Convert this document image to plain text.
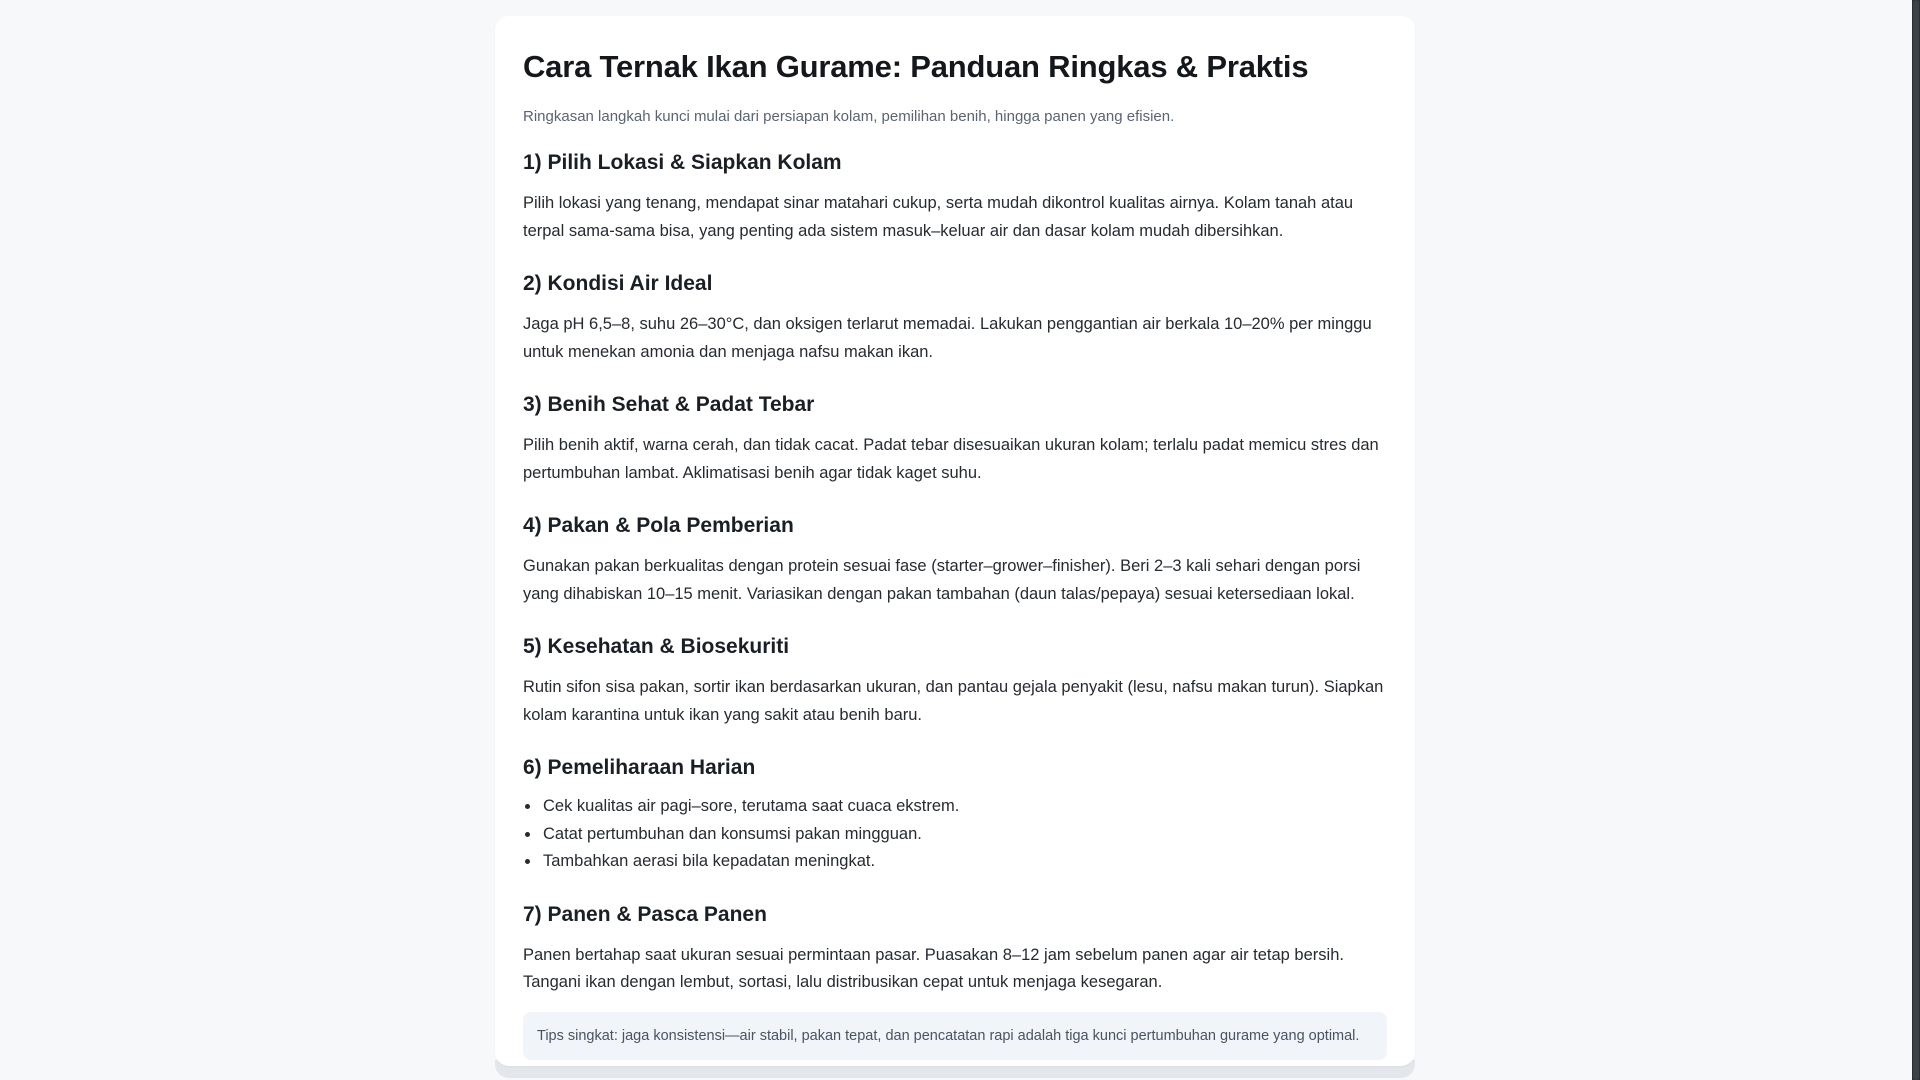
Cara Ternak Ikan Gurame: Panduan Ringkas & Praktis

Ringkasan langkah kunci mulai dari persiapan kolam, pemilihan benih, hingga panen yang efisien.

1) Pilih Lokasi & Siapkan Kolam

Pilih lokasi yang tenang, mendapat sinar matahari cukup, serta mudah dikontrol kualitas airnya. Kolam tanah atau terpal sama-sama bisa, yang penting ada sistem masuk–keluar air dan dasar kolam mudah dibersihkan.

2) Kondisi Air Ideal

Jaga pH 6,5–8, suhu 26–30°C, dan oksigen terlarut memadai. Lakukan penggantian air berkala 10–20% per minggu untuk menekan amonia dan menjaga nafsu makan ikan.

3) Benih Sehat & Padat Tebar

Pilih benih aktif, warna cerah, dan tidak cacat. Padat tebar disesuaikan ukuran kolam; terlalu padat memicu stres dan pertumbuhan lambat. Aklimatisasi benih agar tidak kaget suhu.

4) Pakan & Pola Pemberian

Gunakan pakan berkualitas dengan protein sesuai fase (starter–grower–finisher). Beri 2–3 kali sehari dengan porsi yang dihabiskan 10–15 menit. Variasikan dengan pakan tambahan (daun talas/pepaya) sesuai ketersediaan lokal.

5) Kesehatan & Biosekuriti

Rutin sifon sisa pakan, sortir ikan berdasarkan ukuran, dan pantau gejala penyakit (lesu, nafsu makan turun). Siapkan kolam karantina untuk ikan yang sakit atau benih baru.

6) Pemeliharaan Harian
• Cek kualitas air pagi–sore, terutama saat cuaca ekstrem.
• Catat pertumbuhan dan konsumsi pakan mingguan.
• Tambahkan aerasi bila kepadatan meningkat.
7) Panen & Pasca Panen

Panen bertahap saat ukuran sesuai permintaan pasar. Puasakan 8–12 jam sebelum panen agar air tetap bersih. Tangani ikan dengan lembut, sortasi, lalu distribusikan cepat untuk menjaga kesegaran.

Tips singkat: jaga konsistensi—air stabil, pakan tepat, dan pencatatan rapi adalah tiga kunci pertumbuhan gurame yang optimal.
